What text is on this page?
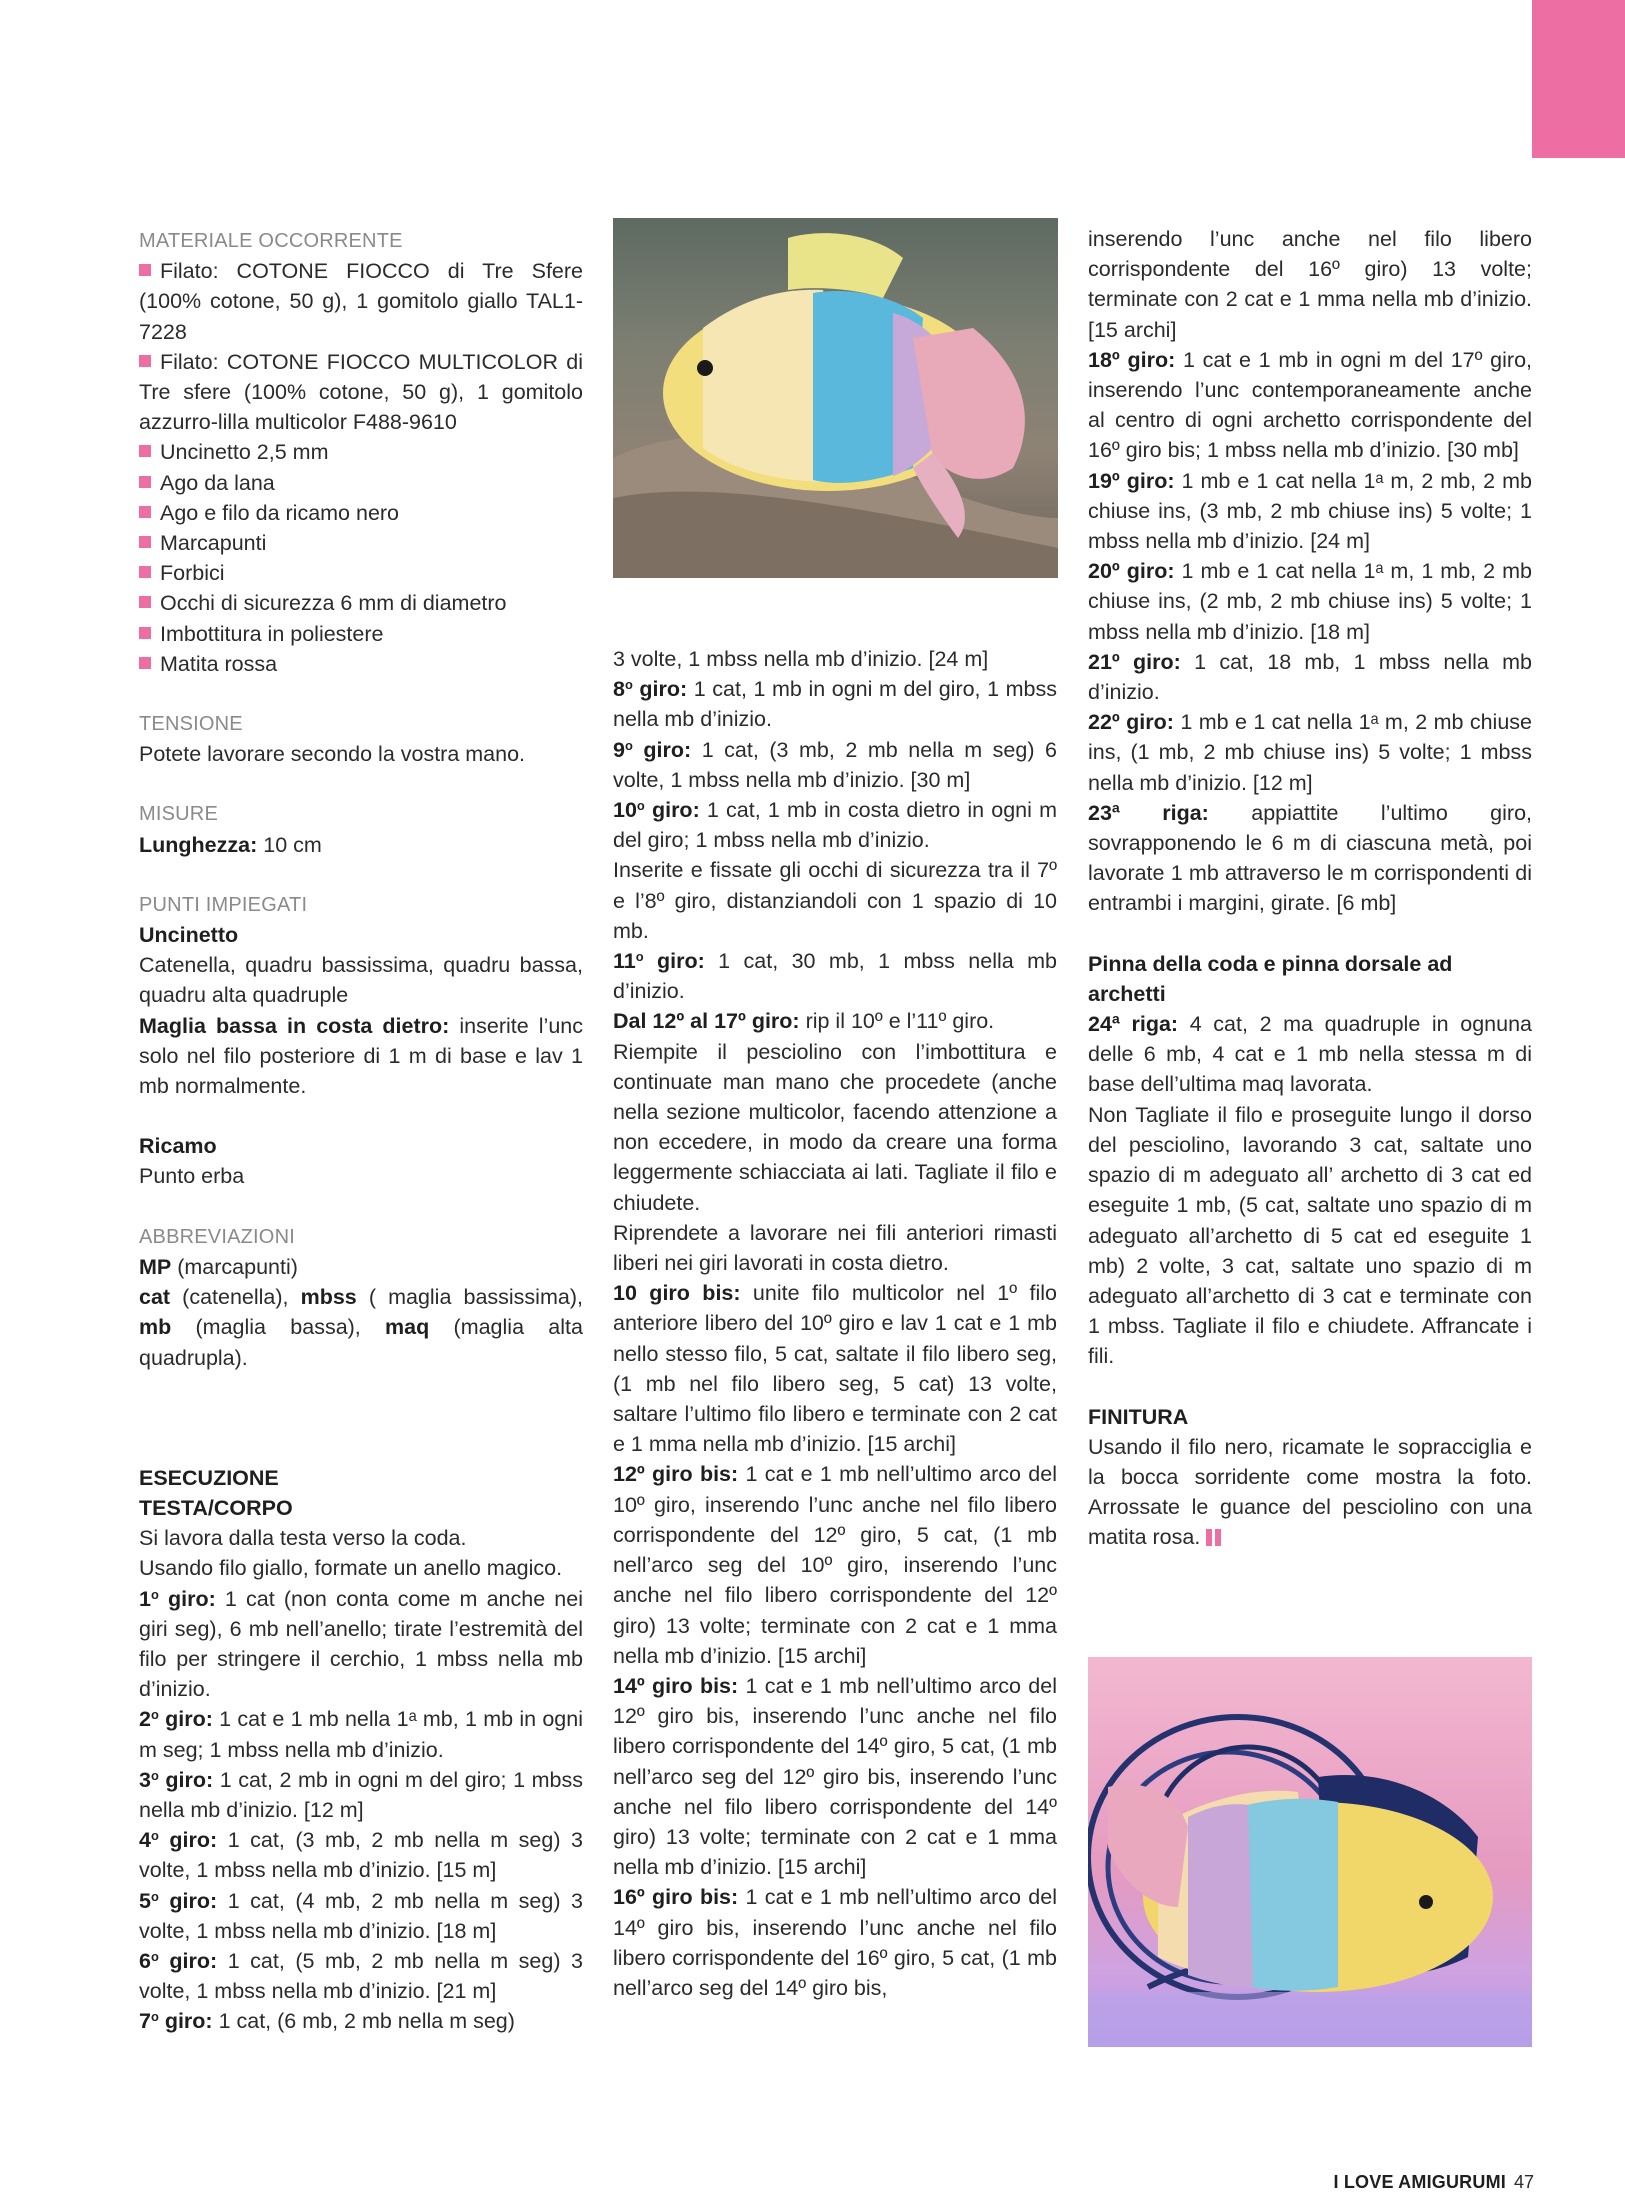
MATERIALE OCCORRENTE

Filato: COTONE FIOCCO di Tre Sfere (100% cotone, 50 g), 1 gomitolo giallo TAL1-7228

Filato: COTONE FIOCCO MULTICOLOR di Tre sfere (100% cotone, 50 g), 1 gomitolo azzurro-lilla multicolor F488-9610

Uncinetto 2,5 mm

Ago da lana

Ago e filo da ricamo nero

Marcapunti

Forbici

Occhi di sicurezza 6 mm di diametro

Imbottitura in poliestere

Matita rossa

TENSIONE

Potete lavorare secondo la vostra mano.

MISURE

Lunghezza: 10 cm

PUNTI IMPIEGATI

Uncinetto

Catenella, quadru bassissima, quadru bassa, quadru alta quadruple

Maglia bassa in costa dietro: inserite l’unc solo nel filo posteriore di 1 m di base e lav 1 mb normalmente.

Ricamo

Punto erba

ABBREVIAZIONI

MP (marcapunti)

cat (catenella), mbss ( maglia bassissima), mb (maglia bassa), maq (maglia alta quadrupla).

ESECUZIONE

TESTA/CORPO

Si lavora dalla testa verso la coda.

Usando filo giallo, formate un anello magico.

1$^o$ giro: 1 cat (non conta come m anche nei giri seg), 6 mb nell’anello; tirate l’estremità del filo per stringere il cerchio, 1 mbss nella mb d’inizio.

2$^o$ giro: 1 cat e 1 mb nella 1ᵃ mb, 1 mb in ogni m seg; 1 mbss nella mb d’inizio.

3$^o$ giro: 1 cat, 2 mb in ogni m del giro; 1 mbss nella mb d’inizio. [12 m]

4$^o$ giro: 1 cat, (3 mb, 2 mb nella m seg) 3 volte, 1 mbss nella mb d’inizio. [15 m]

5$^o$ giro: 1 cat, (4 mb, 2 mb nella m seg) 3 volte, 1 mbss nella mb d’inizio. [18 m]

6$^o$ giro: 1 cat, (5 mb, 2 mb nella m seg) 3 volte, 1 mbss nella mb d’inizio. [21 m]

7$^o$ giro: 1 cat, (6 mb, 2 mb nella m seg)

3 volte, 1 mbss nella mb d’inizio. [24 m]

8$^o$ giro: 1 cat, 1 mb in ogni m del giro, 1 mbss nella mb d’inizio.

9$^o$ giro: 1 cat, (3 mb, 2 mb nella m seg) 6 volte, 1 mbss nella mb d’inizio. [30 m]

10$^o$ giro: 1 cat, 1 mb in costa dietro in ogni m del giro; 1 mbss nella mb d’inizio.

Inserite e fissate gli occhi di sicurezza tra il 7º e l’8º giro, distanziandoli con 1 spazio di 10 mb.

11$^o$ giro: 1 cat, 30 mb, 1 mbss nella mb d’inizio.

Dal 12º al 17º giro: rip il 10º e l’11º giro.

Riempite il pesciolino con l’imbottitura e continuate man mano che procedete (anche nella sezione multicolor, facendo attenzione a non eccedere, in modo da creare una forma leggermente schiacciata ai lati. Tagliate il filo e chiudete.

Riprendete a lavorare nei fili anteriori rimasti liberi nei giri lavorati in costa dietro.

10 giro bis: unite filo multicolor nel 1º filo anteriore libero del 10º giro e lav 1 cat e 1 mb nello stesso filo, 5 cat, saltate il filo libero seg, (1 mb nel filo libero seg, 5 cat) 13 volte, saltare l’ultimo filo libero e terminate con 2 cat e 1 mma nella mb d’inizio. [15 archi]

12º giro bis: 1 cat e 1 mb nell’ultimo arco del 10º giro, inserendo l’unc anche nel filo libero corrispondente del 12º giro, 5 cat, (1 mb nell’arco seg del 10º giro, inserendo l’unc anche nel filo libero corrispondente del 12º giro) 13 volte; terminate con 2 cat e 1 mma nella mb d’inizio. [15 archi]

14º giro bis: 1 cat e 1 mb nell’ultimo arco del 12º giro bis, inserendo l’unc anche nel filo libero corrispondente del 14º giro, 5 cat, (1 mb nell’arco seg del 12º giro bis, inserendo l’unc anche nel filo libero corrispondente del 14º giro) 13 volte; terminate con 2 cat e 1 mma nella mb d’inizio. [15 archi]

16º giro bis: 1 cat e 1 mb nell’ultimo arco del 14º giro bis, inserendo l’unc anche nel filo libero corrispondente del 16º giro, 5 cat, (1 mb nell’arco seg del 14º giro bis,

inserendo l’unc anche nel filo libero corrispondente del 16º giro) 13 volte; terminate con 2 cat e 1 mma nella mb d’inizio. [15 archi]

18º giro: 1 cat e 1 mb in ogni m del 17º giro, inserendo l’unc contemporaneamente anche al centro di ogni archetto corrispondente del 16º giro bis; 1 mbss nella mb d’inizio. [30 mb]

19º giro: 1 mb e 1 cat nella 1ᵃ m, 2 mb, 2 mb chiuse ins, (3 mb, 2 mb chiuse ins) 5 volte; 1 mbss nella mb d’inizio. [24 m]

20º giro: 1 mb e 1 cat nella 1ᵃ m, 1 mb, 2 mb chiuse ins, (2 mb, 2 mb chiuse ins) 5 volte; 1 mbss nella mb d’inizio. [18 m]

21º giro: 1 cat, 18 mb, 1 mbss nella mb d’inizio.

22º giro: 1 mb e 1 cat nella 1ᵃ m, 2 mb chiuse ins, (1 mb, 2 mb chiuse ins) 5 volte; 1 mbss nella mb d’inizio. [12 m]

23ª riga: appiattite l’ultimo giro, sovrapponendo le 6 m di ciascuna metà, poi lavorate 1 mb attraverso le m corrispondenti di entrambi i margini, girate. [6 mb]

Pinna della coda e pinna dorsale ad archetti

24ª riga: 4 cat, 2 ma quadruple in ognuna delle 6 mb, 4 cat e 1 mb nella stessa m di base dell’ultima maq lavorata.

Non Tagliate il filo e proseguite lungo il dorso del pesciolino, lavorando 3 cat, saltate uno spazio di m adeguato all’ archetto di 3 cat ed eseguite 1 mb, (5 cat, saltate uno spazio di m adeguato all’archetto di 5 cat ed eseguite 1 mb) 2 volte, 3 cat, saltate uno spazio di m adeguato all’archetto di 3 cat e terminate con 1 mbss. Tagliate il filo e chiudete. Affrancate i fili.

FINITURA

Usando il filo nero, ricamate le sopracciglia e la bocca sorridente come mostra la foto. Arrossate le guance del pesciolino con una matita rosa.

I LOVE AMIGURUMI 47
